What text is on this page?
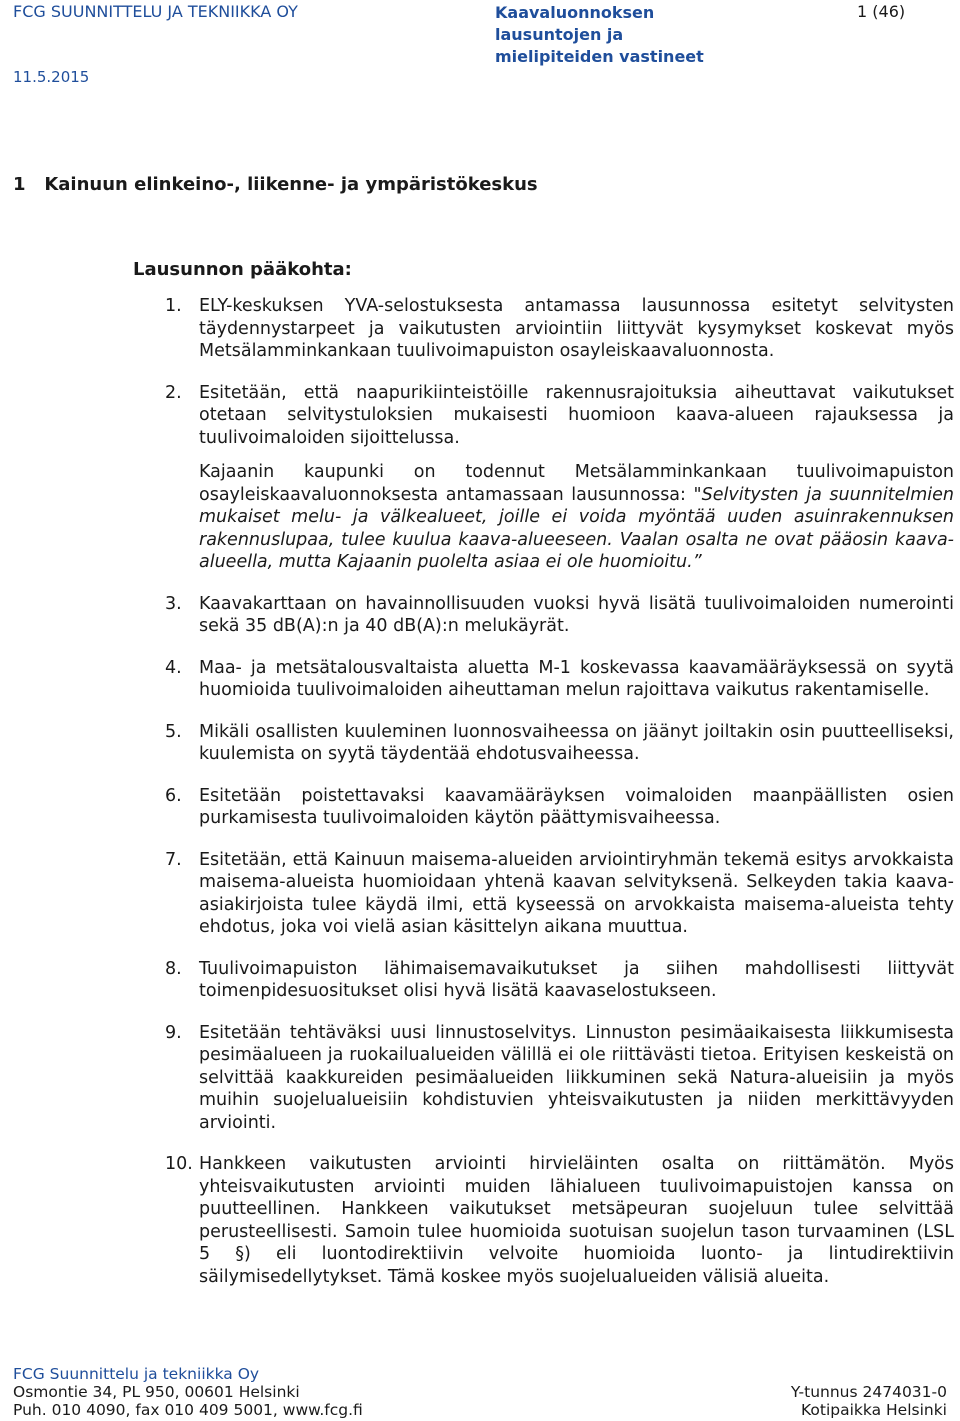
FCG SUUNNITTELU JA TEKNIIKKA OY	Kaavaluonnoksen
lausuntojen ja
mielipiteiden vastineet
1 (46)
11.5.2015
1   Kainuun elinkeino-, liikenne- ja ympäristökeskus
Lausunnon pääkohta:
1. ELY-keskuksen YVA-selostuksesta antamassa lausunnossa esitetyt selvitysten täydennystarpeet ja vaikutusten arviointiin liittyvät kysymykset koskevat myös Metsälamminkankaan tuulivoimapuiston osayleiskaavaluonnosta.
2. Esitetään, että naapurikiinteistöille rakennusrajoituksia aiheuttavat vaikutukset otetaan selvitystuloksien mukaisesti huomioon kaava-alueen rajauksessa ja tuulivoimaloiden sijoittelussa.
Kajaanin kaupunki on todennut Metsälamminkankaan tuulivoimapuiston osayleiskaavaluonnoksesta antamassaan lausunnossa: "Selvitysten ja suunnitelmien mukaiset melu- ja välkealueet, joille ei voida myöntää uuden asuinrakennuksen rakennuslupaa, tulee kuulua kaava-alueeseen. Vaalan osalta ne ovat pääosin kaava-alueella, mutta Kajaanin puolelta asiaa ei ole huomioitu.”
3. Kaavakarttaan on havainnollisuuden vuoksi hyvä lisätä tuulivoimaloiden numerointi sekä 35 dB(A):n ja 40 dB(A):n melukäyrät.
4. Maa- ja metsätalousvaltaista aluetta M-1 koskevassa kaavamääräyksessä on syytä huomioida tuulivoimaloiden aiheuttaman melun rajoittava vaikutus rakentamiselle.
5. Mikäli osallisten kuuleminen luonnosvaiheessa on jäänyt joiltakin osin puutteelliseksi, kuulemista on syytä täydentää ehdotusvaiheessa.
6. Esitetään poistettavaksi kaavamääräyksen voimaloiden maanpäällisten osien purkamisesta tuulivoimaloiden käytön päättymisvaiheessa.
7. Esitetään, että Kainuun maisema-alueiden arviointiryhmän tekemä esitys arvokkaista maisema-alueista huomioidaan yhtenä kaavan selvityksenä. Selkeyden takia kaava-asiakirjoista tulee käydä ilmi, että kyseessä on arvokkaista maisema-alueista tehty ehdotus, joka voi vielä asian käsittelyn aikana muuttua.
8. Tuulivoimapuiston lähimaisemavaikutukset ja siihen mahdollisesti liittyvät toimenpidesuositukset olisi hyvä lisätä kaavaselostukseen.
9. Esitetään tehtäväksi uusi linnustoselvitys. Linnuston pesimäaikaisesta liikkumisesta pesimäalueen ja ruokailualueiden välillä ei ole riittävästi tietoa. Erityisen keskeistä on selvittää kaakkureiden pesimäalueiden liikkuminen sekä Natura-alueisiin ja myös muihin suojelualueisiin kohdistuvien yhteisvaikutusten ja niiden merkittävyyden arviointi.
10. Hankkeen vaikutusten arviointi hirvieläinten osalta on riittämätön. Myös yhteisvaikutusten arviointi muiden lähialueen tuulivoimapuistojen kanssa on puutteellinen. Hankkeen vaikutukset metsäpeuran suojeluun tulee selvittää perusteellisesti. Samoin tulee huomioida suotuisan suojelun tason turvaaminen (LSL 5 §) eli luontodirektiivin velvoite huomioida luonto- ja lintudirektiivin säilymisedellytykset. Tämä koskee myös suojelualueiden välisiä alueita.
FCG Suunnittelu ja tekniikka Oy
Osmontie 34, PL 950, 00601 Helsinki
Puh. 010 4090, fax 010 409 5001, www.fcg.fi
Y-tunnus 2474031-0
Kotipaikka Helsinki
